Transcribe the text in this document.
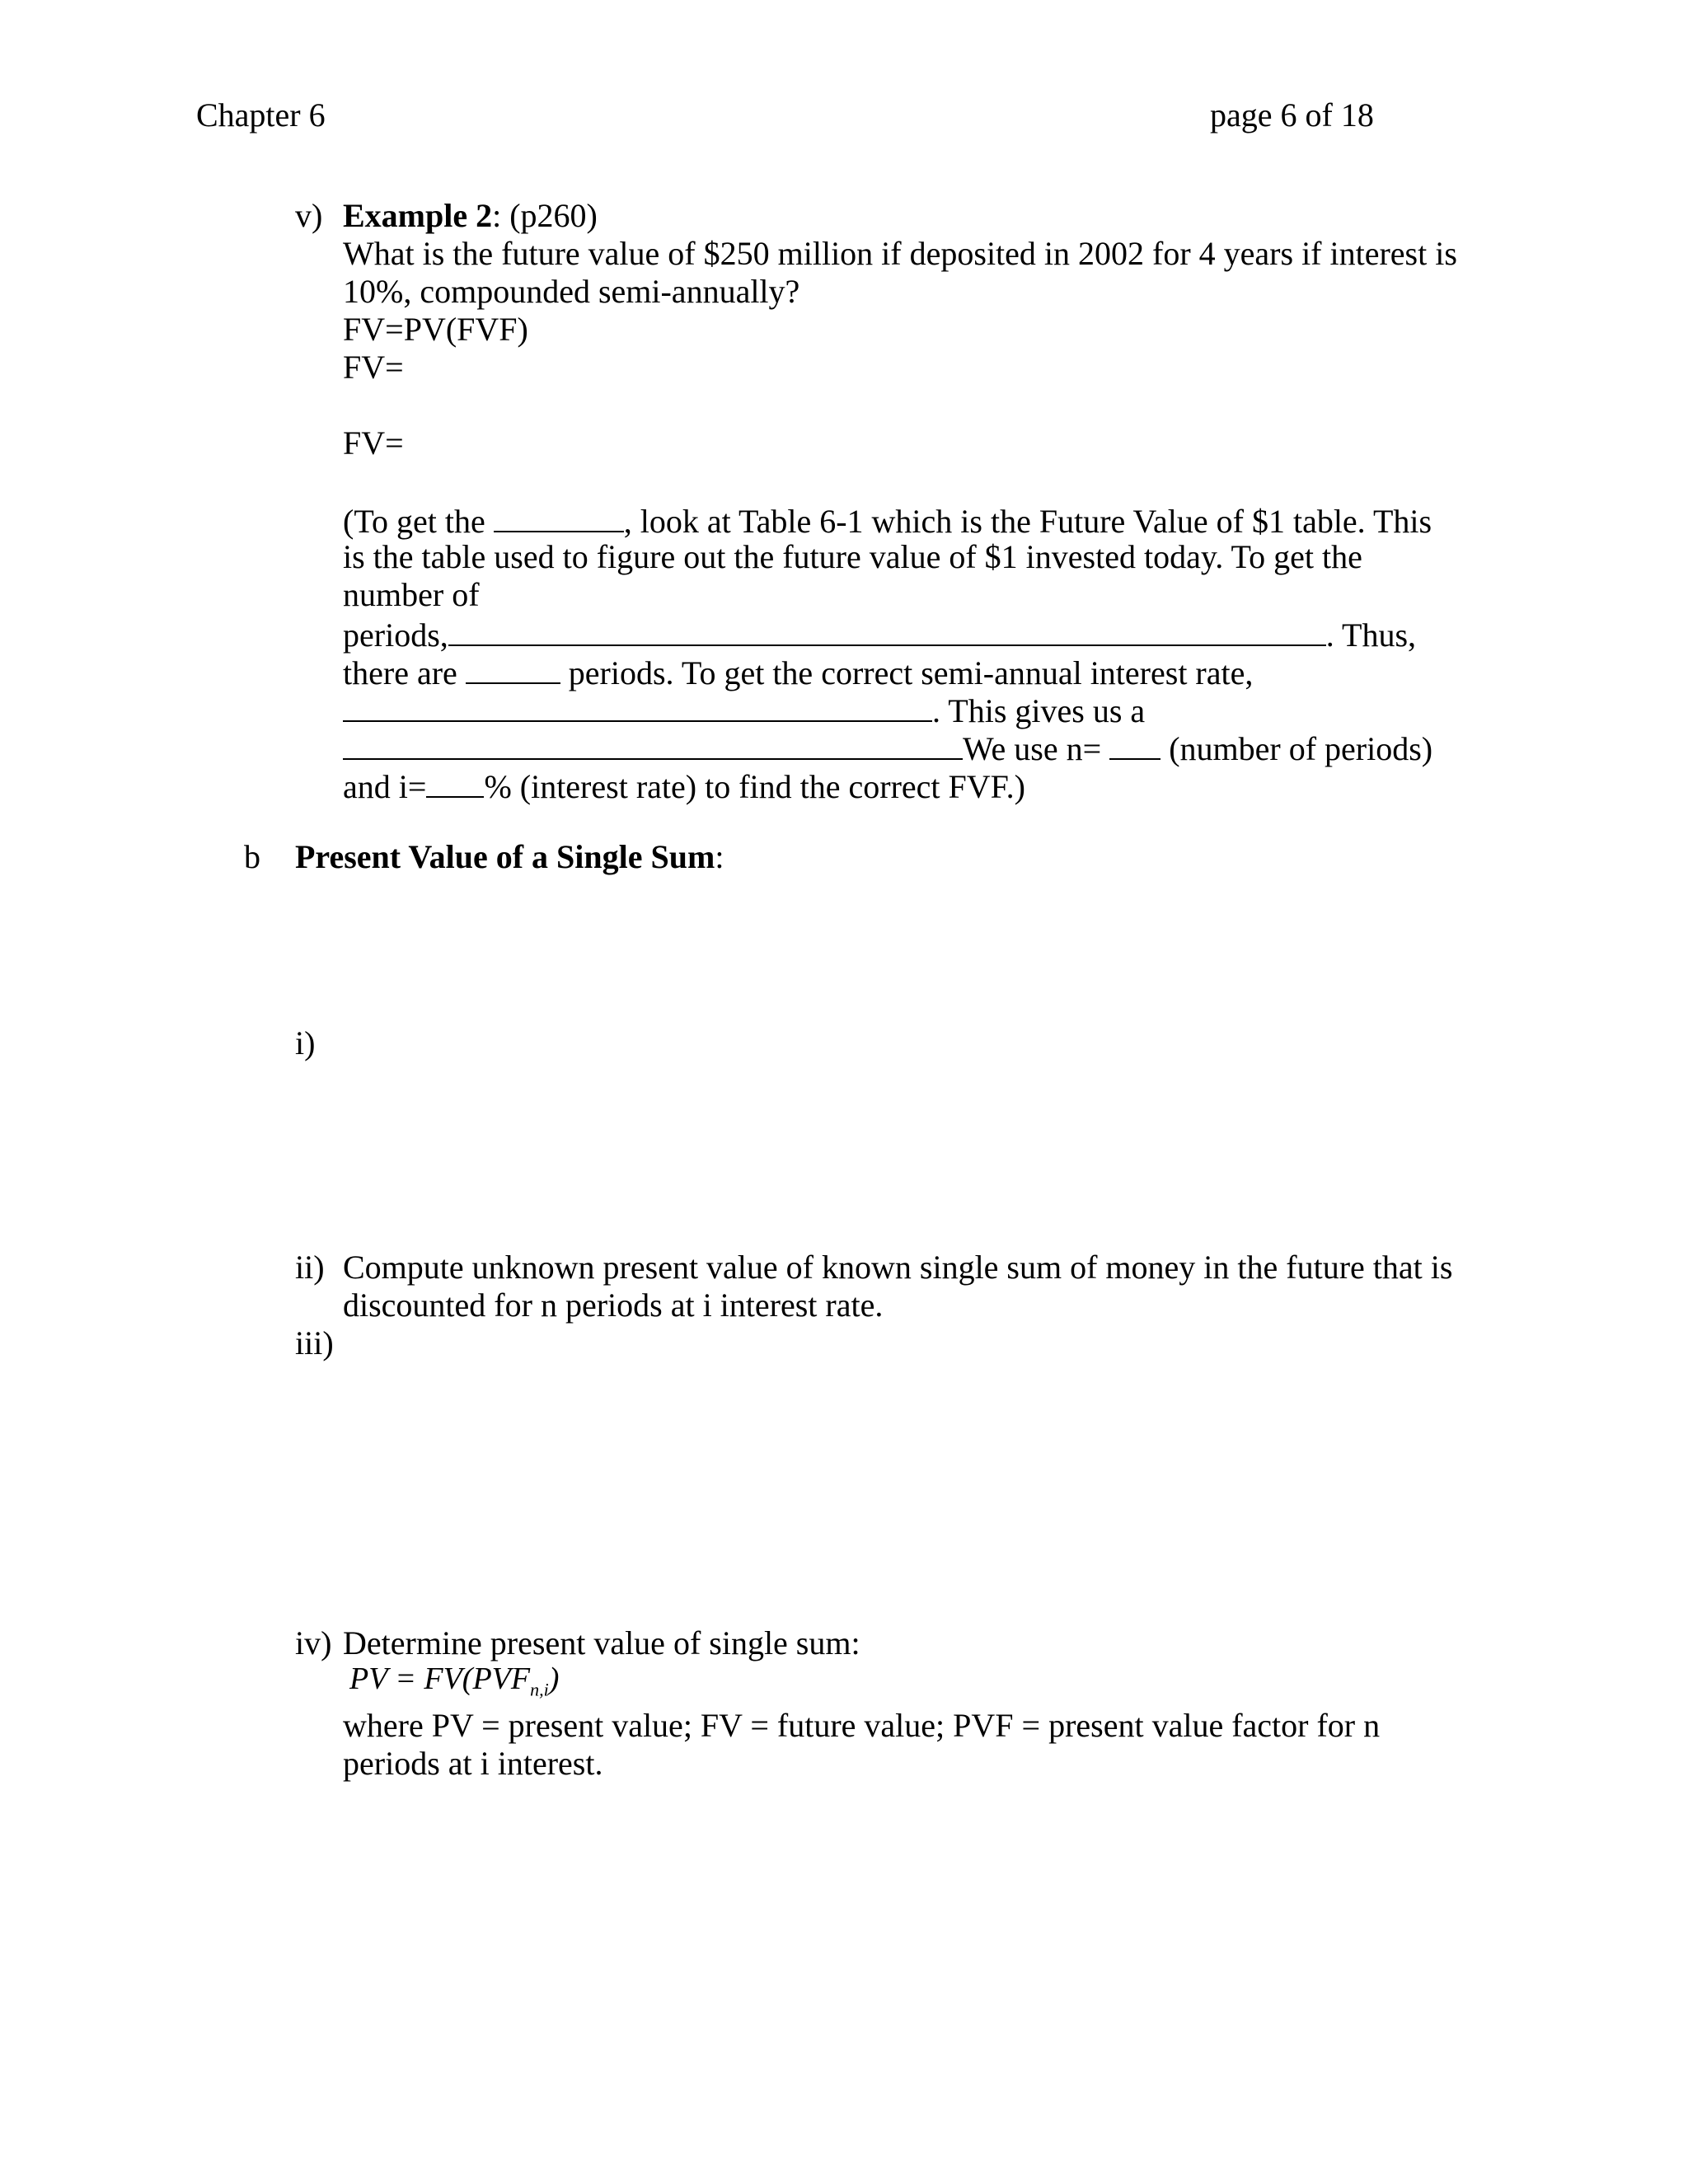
Chapter 6	page 6 of 18
v) Example 2: (p260)
What is the future value of $250 million if deposited in 2002 for 4 years if interest is
10%, compounded semi-annually?
FV=PV(FVF)
FV=
FV=
(To get the	, look at Table 6-1 which is the Future Value of $1 table. This
is the table used to figure out the future value of $1 invested today. To get the
number of
periods,	. Thus,
there are	periods. To get the correct semi-annual interest rate,
. This gives us a
We use n=  (number of periods)
and i= % (interest rate) to find the correct FVF.)
b Present Value of a Single Sum:
i)
ii) Compute unknown present value of known single sum of money in the future that is
discounted for n periods at i interest rate.
iii)
iv) Determine present value of single sum:
PV = $FV(PVF_{n,i})$
where PV = present value; FV = future value; PVF = present value factor for n
periods at i interest.
